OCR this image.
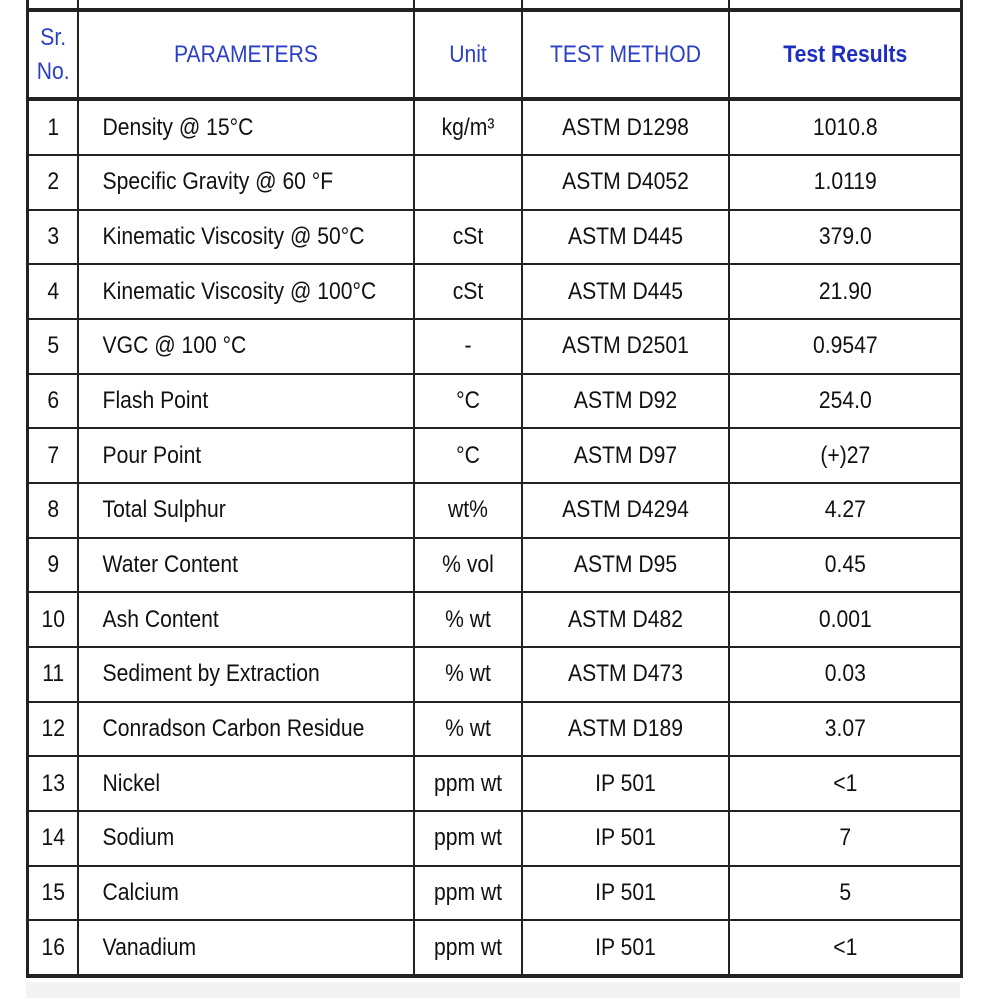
Sr.
No.	PARAMETERS	Unit	TEST METHOD	Test Results
1	Density @ 15°C	kg/m³	ASTM D1298	1010.8
2	Specific Gravity @ 60 °F		ASTM D4052	1.0119
3	Kinematic Viscosity @ 50°C	cSt	ASTM D445	379.0
4	Kinematic Viscosity @ 100°C	cSt	ASTM D445	21.90
5	VGC @ 100 °C	-	ASTM D2501	0.9547
6	Flash Point	°C	ASTM D92	254.0
7	Pour Point	°C	ASTM D97	(+)27
8	Total Sulphur	wt%	ASTM D4294	4.27
9	Water Content	% vol	ASTM D95	0.45
10	Ash Content	% wt	ASTM D482	0.001
11	Sediment by Extraction	% wt	ASTM D473	0.03
12	Conradson Carbon Residue	% wt	ASTM D189	3.07
13	Nickel	ppm wt	IP 501	<1
14	Sodium	ppm wt	IP 501	7
15	Calcium	ppm wt	IP 501	5
16	Vanadium	ppm wt	IP 501	<1
